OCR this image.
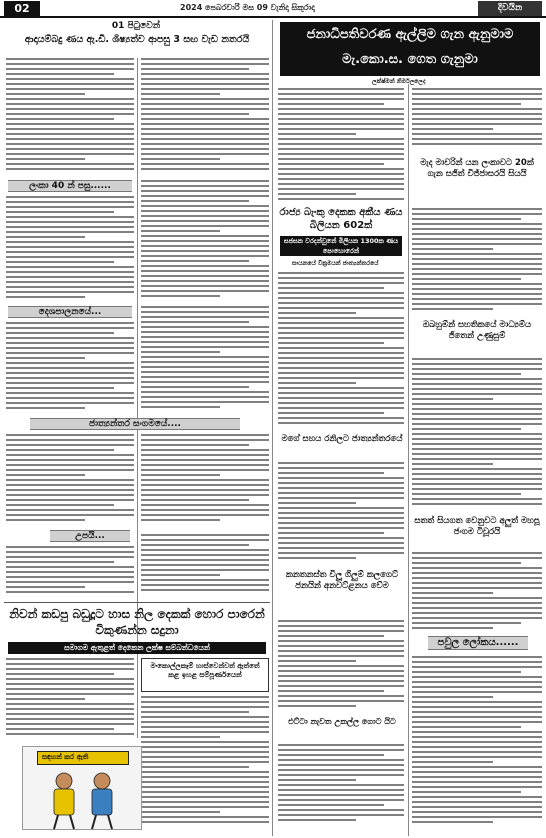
02	2024 පෙබරවාරි මස 09 වැනිදා සිකුරාදා	දිවයින
01 පිටුවෙන්
ආදායම්බදු ණය ඇ.ඩී. ශිෂ්‍යත්ව ආපසු 3 සඟ වැඩ නතරයි
ලංකා 40 න් පසු......
දෙශපාලනයේ...
ජාත්‍යන්තර සංගමයේ....
උපයි...
නිවන් කඩපු බඩුදූට හාස නිල දෙකක් හොර පාරෙන් විකුණන්න සදුනා
සමාගම ඇතුළත් දෙකෙන ලක්ෂ සම්බන්ධයෙන්
මංකොල්ලකෑම් හාස්වෙන්වත් ඇත්තේ කළ ඉහළ සම්පූර්ණයෙන්
සඳහන් කර ඇති
ජනාධිපතිවරණ ඇල්ලිම ගැන ඇනුමාම
මැ.කො.ස. ගෙත ගැනුමා
ලක්ෂ්මන් නිර්මලලෙද
රාජ්‍ය බැංකු දෙකක අකීය ණය බිලියන 602ක්
සජසන වරදන්වුනේ මිලියන 1300ක ණය පොහොරෙන්
සායනයේ වික්‍රමයන් ජාත්‍යන්තරයේ
මගේ සහය රනිලට ජාත්‍යන්තරයේ
කනතනස්ත විලූ ගිලුම් කලගෙට් ජනයින් අනවට්ළනය වේම
එට්ටා නැවත උකල්ල ගොට යිට
මැද මාවරින් යන ලංකාවට 20ක් ගැන සජිත් විජ්ජාසරයි සියයි
ඔබහුම්න් සහතිකයේ මාධ්‍යම්ය ජිතෙන් උණුසුම්
සතත් සියගත වෙනුවට අලුත් මහපූ ජංගම ටිවූරයි
පවුල ලෝකය......
